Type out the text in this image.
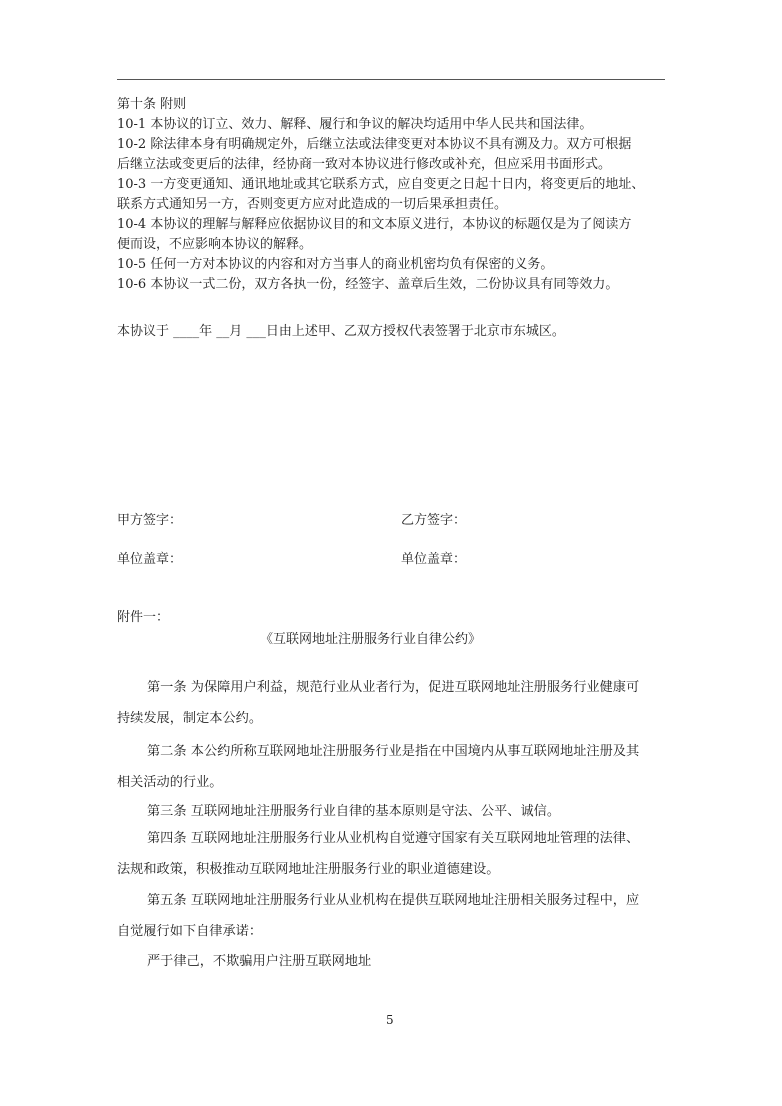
第十条 附则
10-1 本协议的订立、效力、解释、履行和争议的解决均适用中华人民共和国法律。
10-2 除法律本身有明确规定外，后继立法或法律变更对本协议不具有溯及力。双方可根据
后继立法或变更后的法律，经协商一致对本协议进行修改或补充，但应采用书面形式。
10-3 一方变更通知、通讯地址或其它联系方式，应自变更之日起十日内，将变更后的地址、
联系方式通知另一方，否则变更方应对此造成的一切后果承担责任。
10-4 本协议的理解与解释应依据协议目的和文本原义进行，本协议的标题仅是为了阅读方
便而设，不应影响本协议的解释。
10-5 任何一方对本协议的内容和对方当事人的商业机密均负有保密的义务。
10-6 本协议一式二份，双方各执一份，经签字、盖章后生效，二份协议具有同等效力。
本协议于 ____年 __月 ___日由上述甲、乙双方授权代表签署于北京市东城区。
甲方签字：	乙方签字：
单位盖章：	单位盖章：
附件一：
《互联网地址注册服务行业自律公约》
第一条 为保障用户利益，规范行业从业者行为，促进互联网地址注册服务行业健康可
持续发展，制定本公约。
第二条 本公约所称互联网地址注册服务行业是指在中国境内从事互联网地址注册及其
相关活动的行业。
第三条 互联网地址注册服务行业自律的基本原则是守法、公平、诚信。
第四条 互联网地址注册服务行业从业机构自觉遵守国家有关互联网地址管理的法律、
法规和政策，积极推动互联网地址注册服务行业的职业道德建设。
第五条 互联网地址注册服务行业从业机构在提供互联网地址注册相关服务过程中，应
自觉履行如下自律承诺：
严于律己，不欺骗用户注册互联网地址
5
